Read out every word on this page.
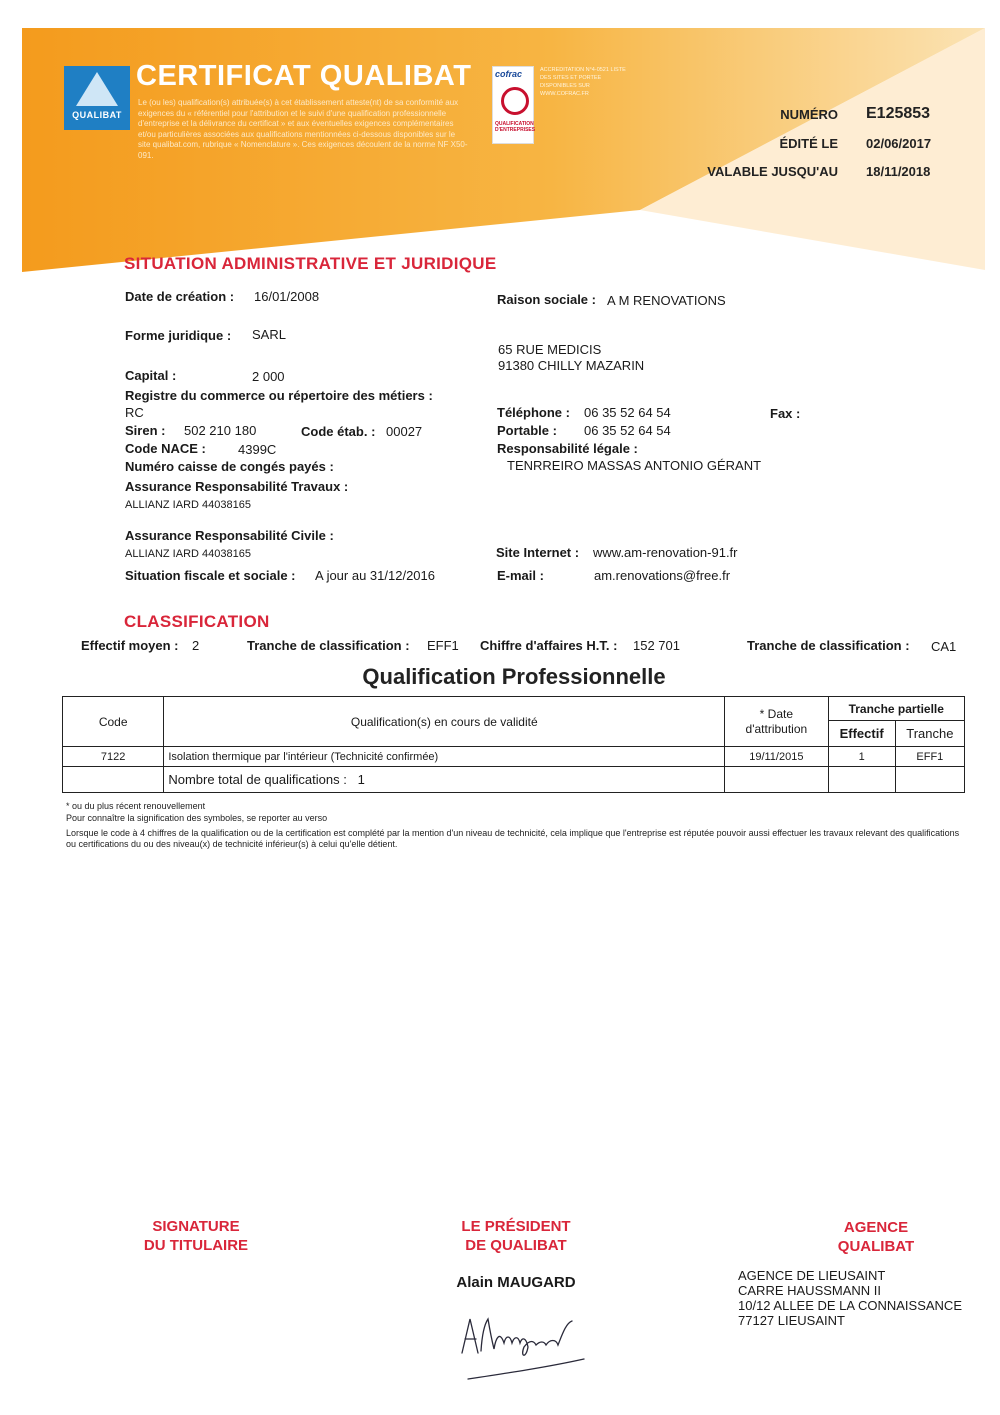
QUALIBAT
CERTIFICAT QUALIBAT
Le (ou les) qualification(s) attribuée(s) à cet établissement atteste(nt) de sa conformité aux exigences du « référentiel pour l'attribution et le suivi d'une qualification professionnelle d'entreprise et la délivrance du certificat » et aux éventuelles exigences complémentaires et/ou particulières associées aux qualifications mentionnées ci-dessous disponibles sur le site qualibat.com, rubrique « Nomenclature ». Ces exigences découlent de la norme NF X50-091.
cofrac
QUALIFICATION D'ENTREPRISES
ACCREDITATION N°4-0521 LISTE DES SITES ET PORTEE DISPONIBLES SUR WWW.COFRAC.FR
NUMÉRO E125853
ÉDITÉ LE 02/06/2017
VALABLE JUSQU'AU 18/11/2018
SITUATION ADMINISTRATIVE ET JURIDIQUE
Date de création : 16/01/2008
Forme juridique : SARL
Capital :	2 000
Registre du commerce ou répertoire des métiers :
RC
Siren : 502 210 180	Code étab. : 00027
Code NACE : 4399C
Numéro caisse de congés payés :
Assurance Responsabilité Travaux :
ALLIANZ IARD 44038165
Assurance Responsabilité Civile :
ALLIANZ IARD 44038165
Situation fiscale et sociale : A jour au 31/12/2016
Raison sociale : A M RENOVATIONS
65 RUE MEDICIS
91380 CHILLY MAZARIN
Téléphone : 06 35 52 64 54	Fax :
Portable : 06 35 52 64 54
Responsabilité légale :
TENRREIRO MASSAS ANTONIO GÉRANT
Site Internet : www.am-renovation-91.fr
E-mail :	am.renovations@free.fr
CLASSIFICATION
Effectif moyen : 2	Tranche de classification : EFF1 Chiffre d'affaires H.T. : 152 701	Tranche de classification : CA1
Qualification Professionnelle
Code	Qualification(s) en cours de validité	* Date d'attribution	Tranche partielle	
			Effectif	Tranche
7122	Isolation thermique par l'intérieur (Technicité confirmée)	19/11/2015	1	EFF1
	Nombre total de qualifications : 1			
* ou du plus récent renouvellement
Pour connaître la signification des symboles, se reporter au verso
Lorsque le code à 4 chiffres de la qualification ou de la certification est complété par la mention d'un niveau de technicité, cela implique que l'entreprise est réputée pouvoir aussi effectuer les travaux relevant des qualifications ou certifications du ou des niveau(x) de technicité inférieur(s) à celui qu'elle détient.
SIGNATURE
DU TITULAIRE
LE PRÉSIDENT
DE QUALIBAT
Alain MAUGARD
AGENCE
QUALIBAT
AGENCE DE LIEUSAINT
CARRE HAUSSMANN II
10/12 ALLEE DE LA CONNAISSANCE
77127 LIEUSAINT
